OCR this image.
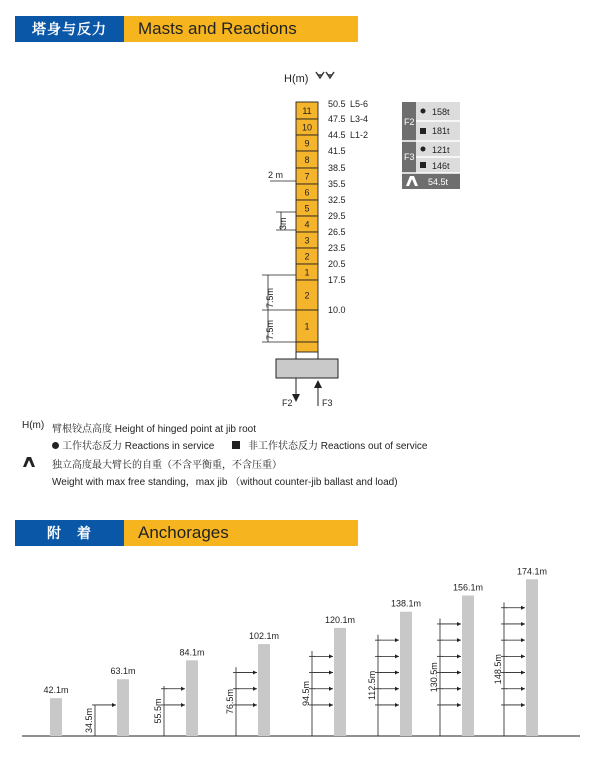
塔身与反力	Masts and Reactions
H(m)
11
10
9
8
7
6
5
4
3
2
1
2
1
50.5
47.5
44.5
41.5
38.5
35.5
32.5
29.5
26.5
23.5
20.5
17.5
10.0
L5-6
L3-4
L1-2
2 m
3m
7.5m
7.5m
F2	F3
F2
F3
158t
181t
121t
146t
54.5t
H(m) 臂根铰点高度 Height of hinged point at jib root
工作状态反力 Reactions in service	非工作状态反力 Reactions out of service
独立高度最大臂长的自重（不含平衡重，不含压重）
Weight with max free standing，max jib （without counter-jib ballast and load)
附　着	Anchorages
42.1m
63.1m
34.5m
84.1m
55.5m
102.1m
76.5m
120.1m
94.5m
138.1m
112.5m
156.1m
130.5m
174.1m
148.5m
